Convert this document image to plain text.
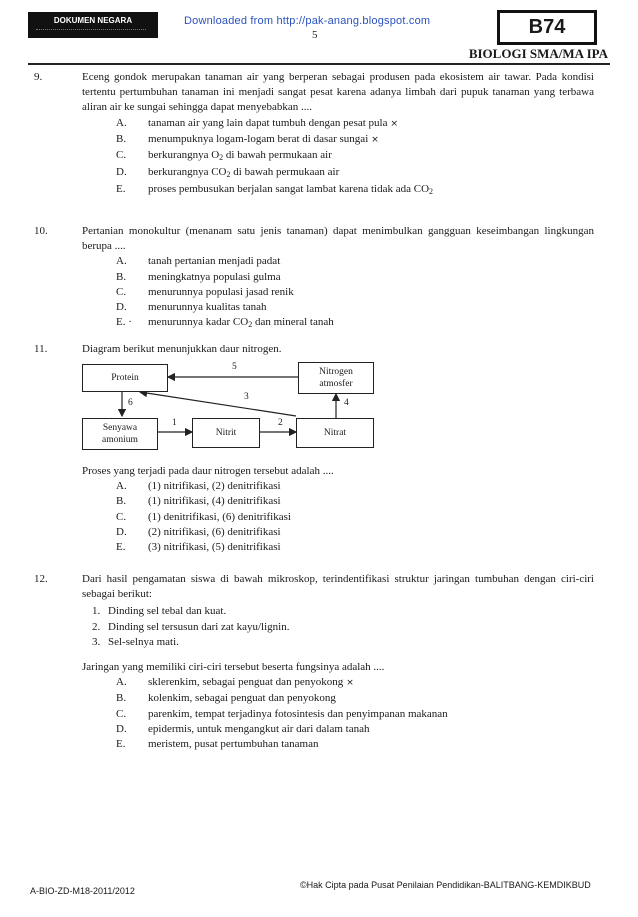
DOKUMEN NEGARA	Downloaded from http://pak-anang.blogspot.com
5	B74
BIOLOGI SMA/MA IPA
9.	Eceng gondok merupakan tanaman air yang berperan sebagai produsen pada ekosistem air tawar. Pada kondisi tertentu pertumbuhan tanaman ini menjadi sangat pesat karena adanya limbah dari pupuk tanaman yang terbawa aliran air ke sungai sehingga dapat menyebabkan ....
A. tanaman air yang lain dapat tumbuh dengan pesat pula ×
B. menumpuknya logam-logam berat di dasar sungai ×
C. berkurangnya $O_2$ di bawah permukaan air
D. berkurangnya $CO_2$ di bawah permukaan air
E. proses pembusukan berjalan sangat lambat karena tidak ada $CO_2$
10.	Pertanian monokultur (menanam satu jenis tanaman) dapat menimbulkan gangguan keseimbangan lingkungan berupa ....
A. tanah pertanian menjadi padat
B. meningkatnya populasi gulma
C. menurunnya populasi jasad renik
D. menurunnya kualitas tanah
E. · menurunnya kadar $CO_2$ dan mineral tanah
11.	Diagram berikut menunjukkan daur nitrogen.
Protein
Nitrogen
atmosfer
Senyawa
amonium
Nitrit	Nitrat
5
3
6
1	2
4
Proses yang terjadi pada daur nitrogen tersebut adalah ....
A. (1) nitrifikasi, (2) denitrifikasi
B. (1) nitrifikasi, (4) denitrifikasi
C. (1) denitrifikasi, (6) denitrifikasi
D. (2) nitrifikasi, (6) denitrifikasi
E. (3) nitrifikasi, (5) denitrifikasi
12.	Dari hasil pengamatan siswa di bawah mikroskop, terindentifikasi struktur jaringan tumbuhan dengan ciri-ciri sebagai berikut:
1. Dinding sel tebal dan kuat.
2. Dinding sel tersusun dari zat kayu/lignin.
3. Sel-selnya mati.
Jaringan yang memiliki ciri-ciri tersebut beserta fungsinya adalah ....
A. sklerenkim, sebagai penguat dan penyokong ×
B. kolenkim, sebagai penguat dan penyokong
C. parenkim, tempat terjadinya fotosintesis dan penyimpanan makanan
D. epidermis, untuk mengangkut air dari dalam tanah
E. meristem, pusat pertumbuhan tanaman
A-BIO-ZD-M18-2011/2012
©Hak Cipta pada Pusat Penilaian Pendidikan-BALITBANG-KEMDIKBUD
